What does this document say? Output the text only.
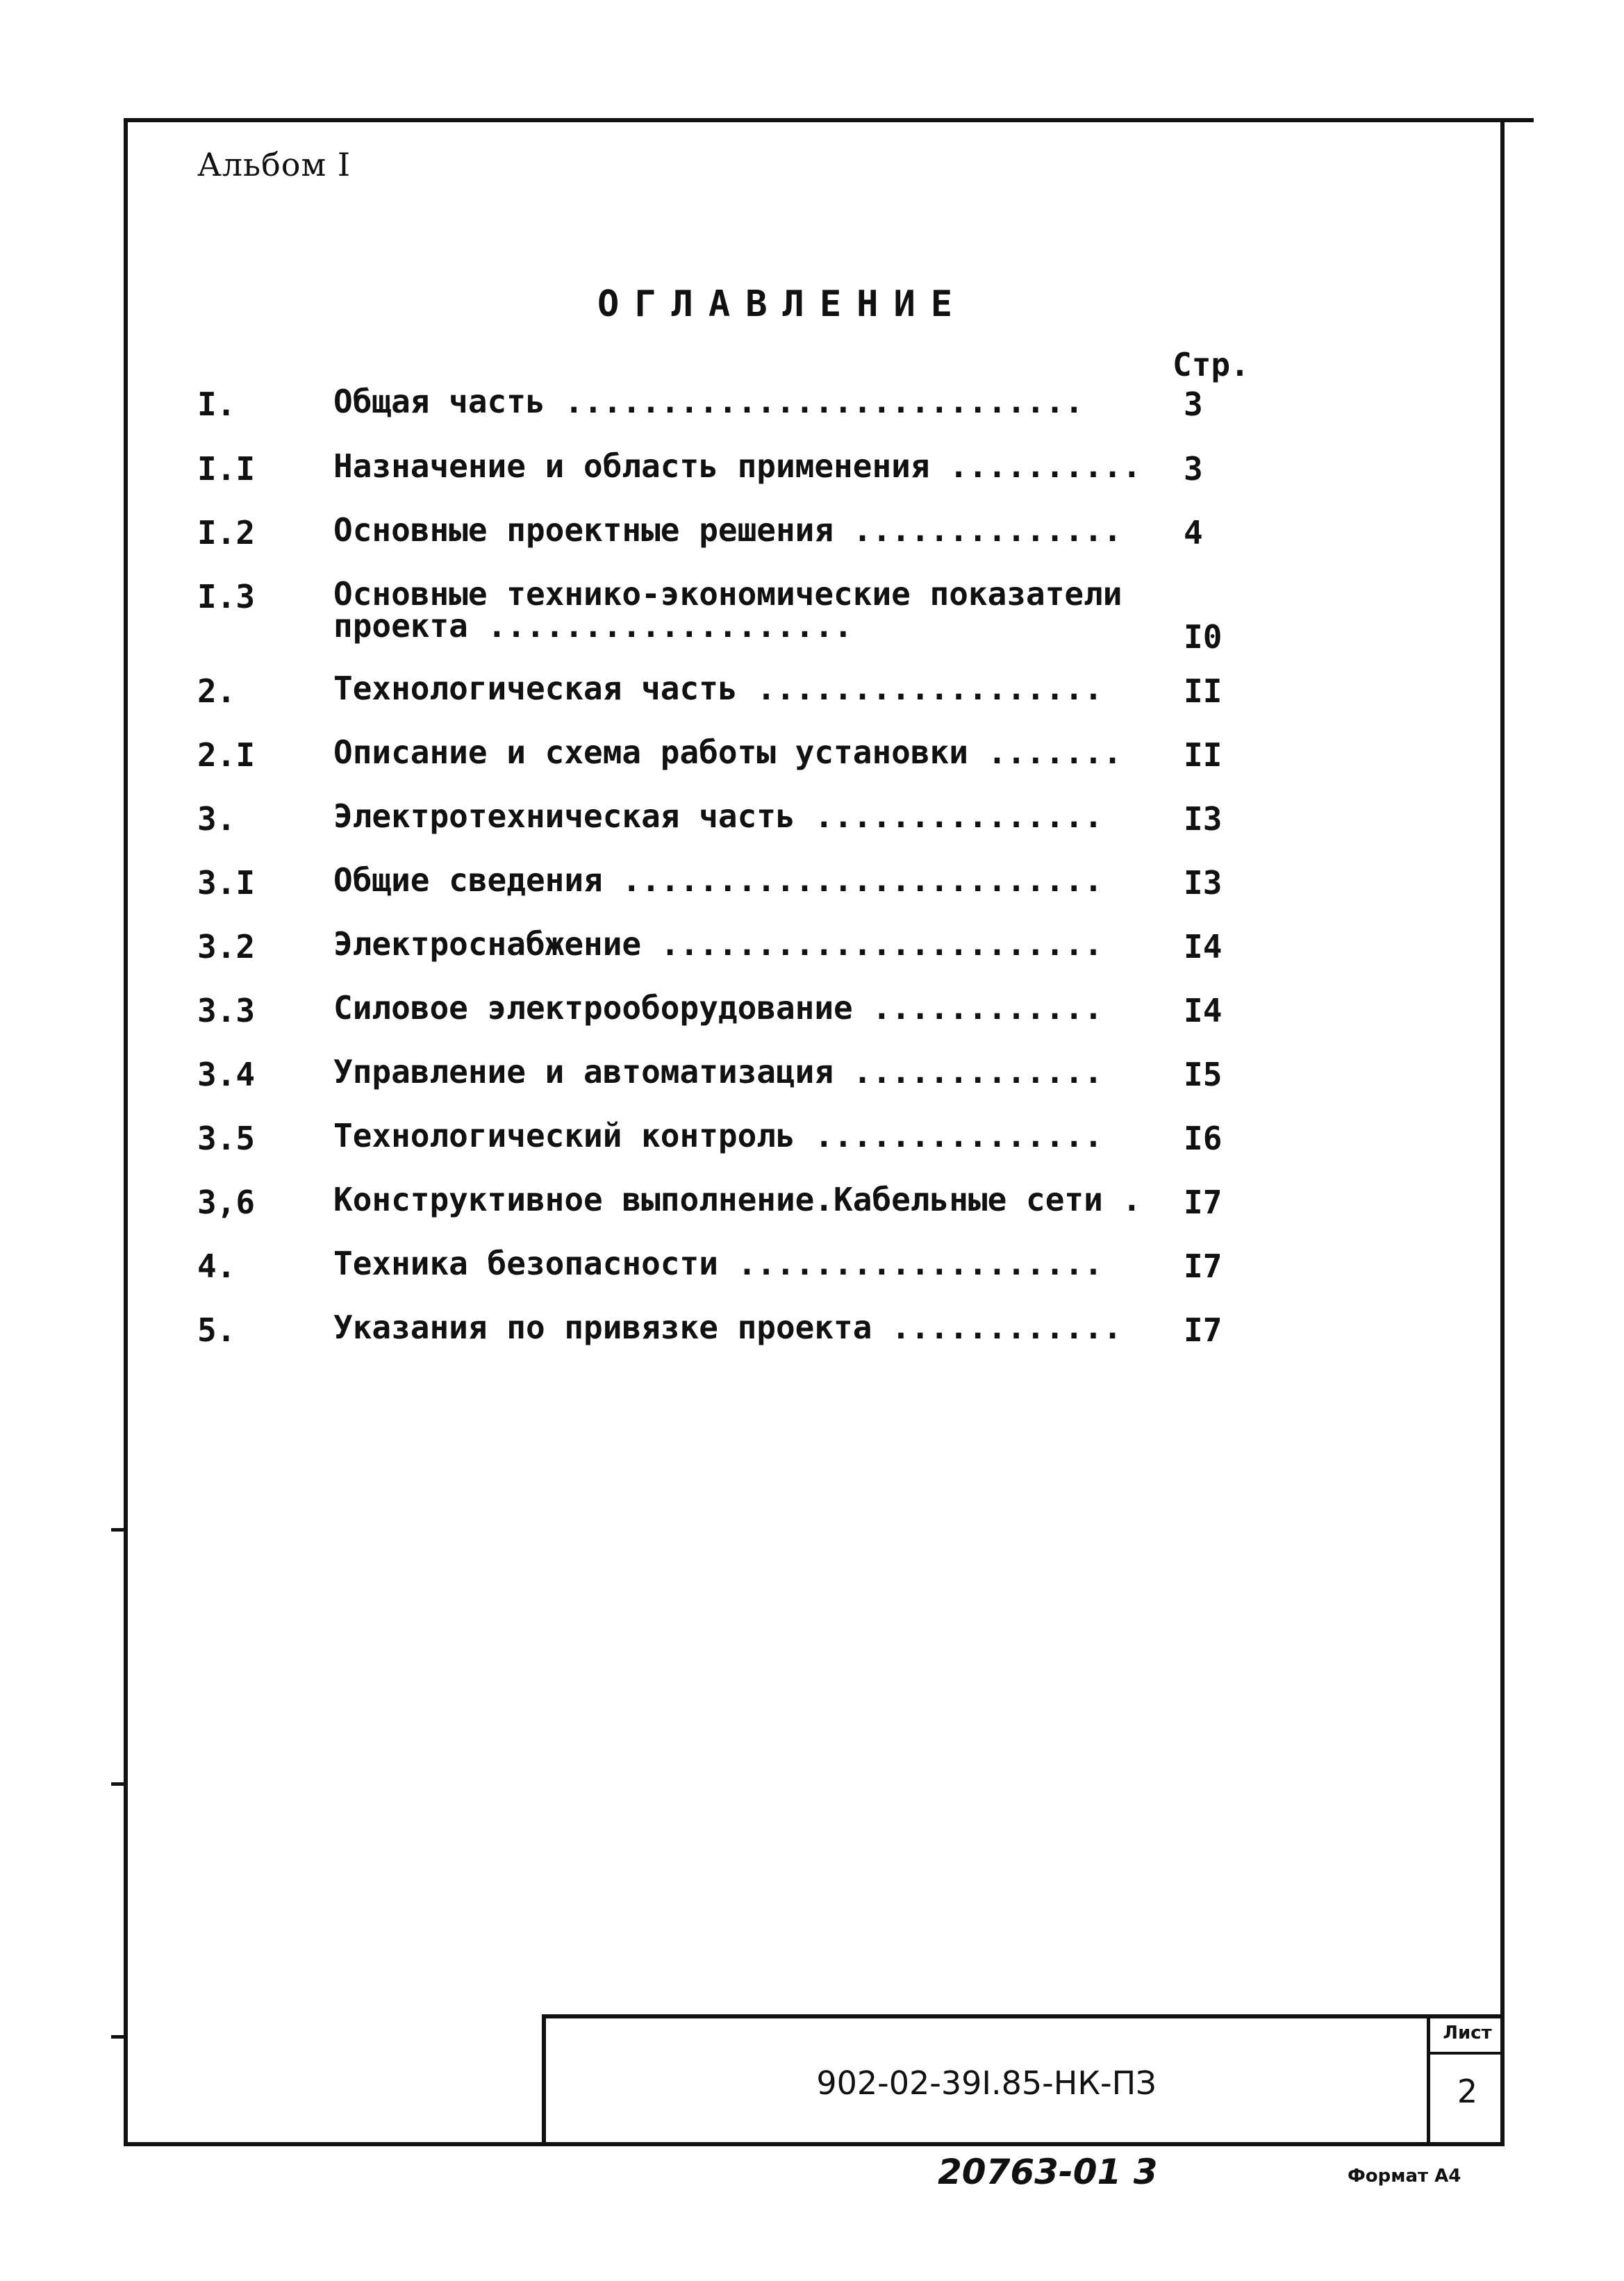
Альбом I
ОГЛАВЛЕНИЕ
Стр.
I.	Общая часть ...........................	3
I.I Назначение и область применения ..........	3
I.2 Основные проектные решения ..............	4
I.3 Основные технико-экономические показатели проекта ...................	I0
2.	Технологическая часть ..................	II
2.I Описание и схема работы установки .......	II
3.	Электротехническая часть ...............	I3
3.I Общие сведения .........................	I3
3.2 Электроснабжение .......................	I4
3.3 Силовое электрооборудование ............	I4
3.4 Управление и автоматизация .............	I5
3.5 Технологический контроль ...............	I6
3,6 Конструктивное выполнение.Кабельные сети .	I7
4.	Техника безопасности ...................	I7
5.	Указания по привязке проекта ............	I7
902-02-39I.85-НК-ПЗ
Лист
2
20763-01 3	Формат А4
